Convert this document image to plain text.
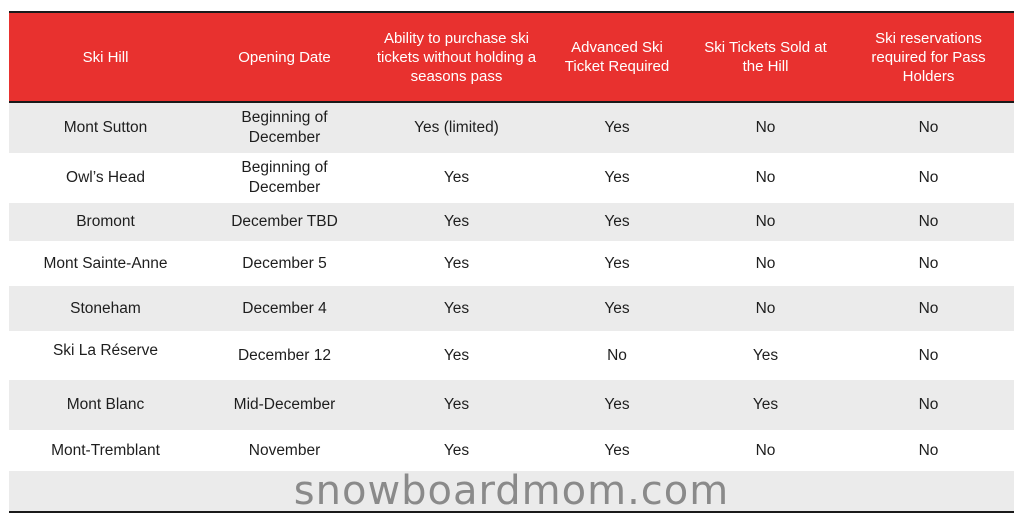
Ski Hill	Opening Date	Ability to purchase ski tickets without holding a seasons pass	Advanced Ski Ticket Required	Ski Tickets Sold at the Hill	Ski reservations required for Pass Holders
Mont Sutton	Beginning of December	Yes (limited)	Yes	No	No
Owl’s Head	Beginning of December	Yes	Yes	No	No
Bromont	December TBD	Yes	Yes	No	No
Mont Sainte-Anne	December 5	Yes	Yes	No	No
Stoneham	December 4	Yes	Yes	No	No
Ski La Réserve	December 12	Yes	No	Yes	No
Mont Blanc	Mid-December	Yes	Yes	Yes	No
Mont-Tremblant	November	Yes	Yes	No	No
snowboardmom.com
